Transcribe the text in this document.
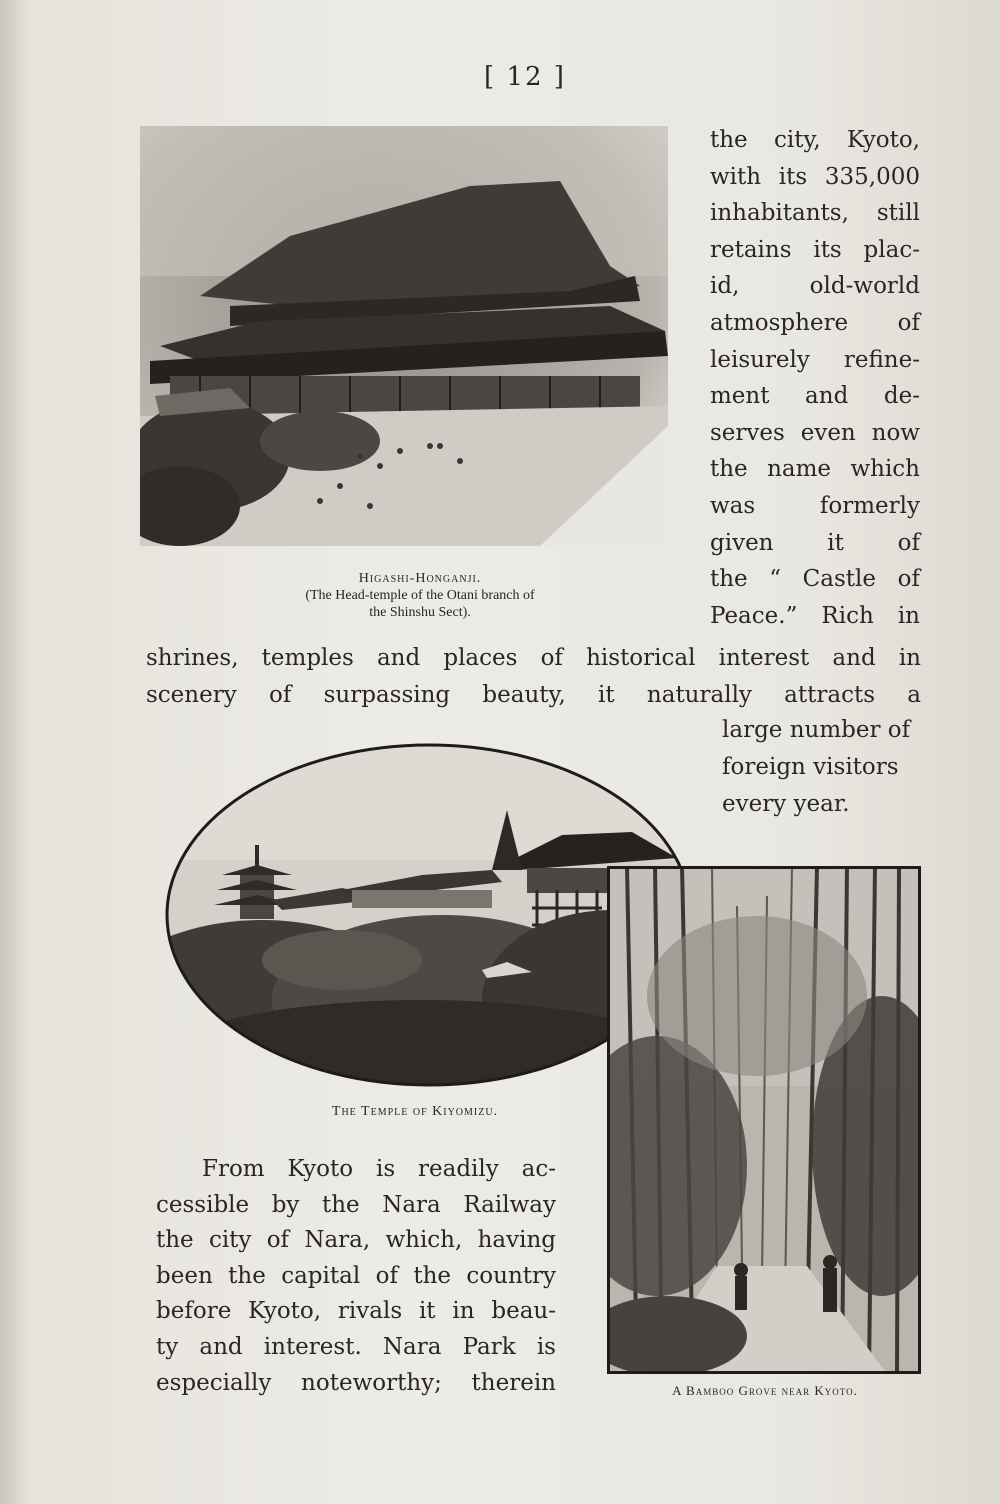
[ 12 ]
Higashi-Honganji.
(The Head-temple of the Otani branch of
the Shinshu Sect).
the city, Kyoto,
with its 335,000
inhabitants, still
retains its plac-
id, old-world
atmosphere of
leisurely refine-
ment and de-
serves even now
the name which
was formerly
given it of
the “ Castle of
Peace.” Rich in
shrines, temples and places of historical interest and in
scenery of surpassing beauty, it naturally attracts a
large number of
foreign visitors
every year.
The Temple of Kiyomizu.
A Bamboo Grove near Kyoto.
From Kyoto is readily ac-
cessible by the Nara Railway
the city of Nara, which, having
been the capital of the country
before Kyoto, rivals it in beau-
ty and interest. Nara Park is
especially noteworthy; therein
